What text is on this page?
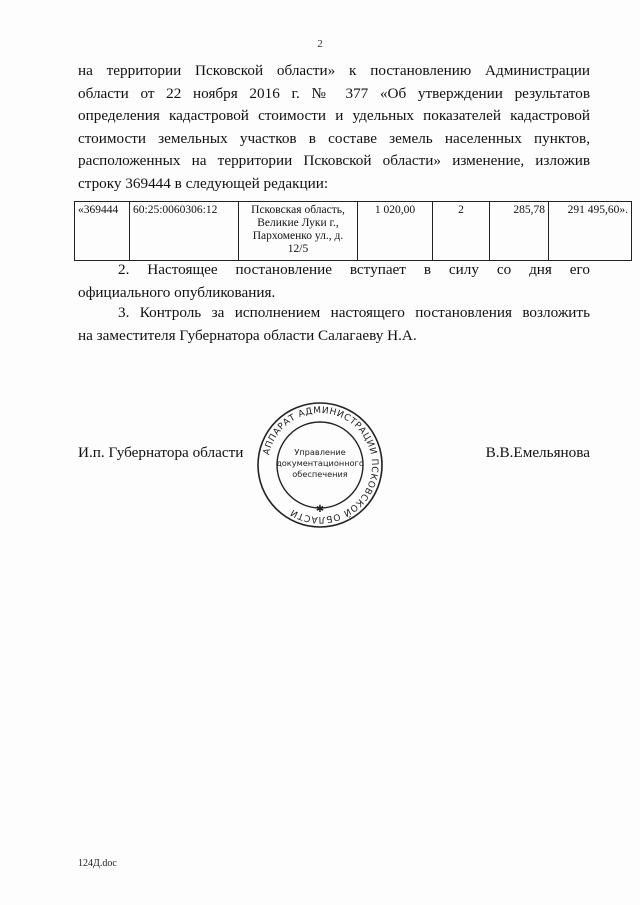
2
на территории Псковской области» к постановлению Администрации
области от 22 ноября 2016 г. № 377 «Об утверждении результатов
определения кадастровой стоимости и удельных показателей кадастровой
стоимости земельных участков в составе земель населенных пунктов,
расположенных на территории Псковской области» изменение, изложив
строку 369444 в следующей редакции:
«369444	60:25:0060306:12	Псковская область, Великие Луки г., Пархоменко ул., д. 12/5	1 020,00	2	285,78	291 495,60».
2. Настоящее постановление вступает в силу со дня его
официального опубликования.
3. Контроль за исполнением настоящего постановления возложить
на заместителя Губернатора области Салагаеву Н.А.
И.п. Губернатора области	В.В.Емельянова
АППАРАТ АДМИНИСТРАЦИИ ПСКОВСКОЙ ОБЛАСТИ
Управление
документационного
обеспечения
✱
124Д.doc
